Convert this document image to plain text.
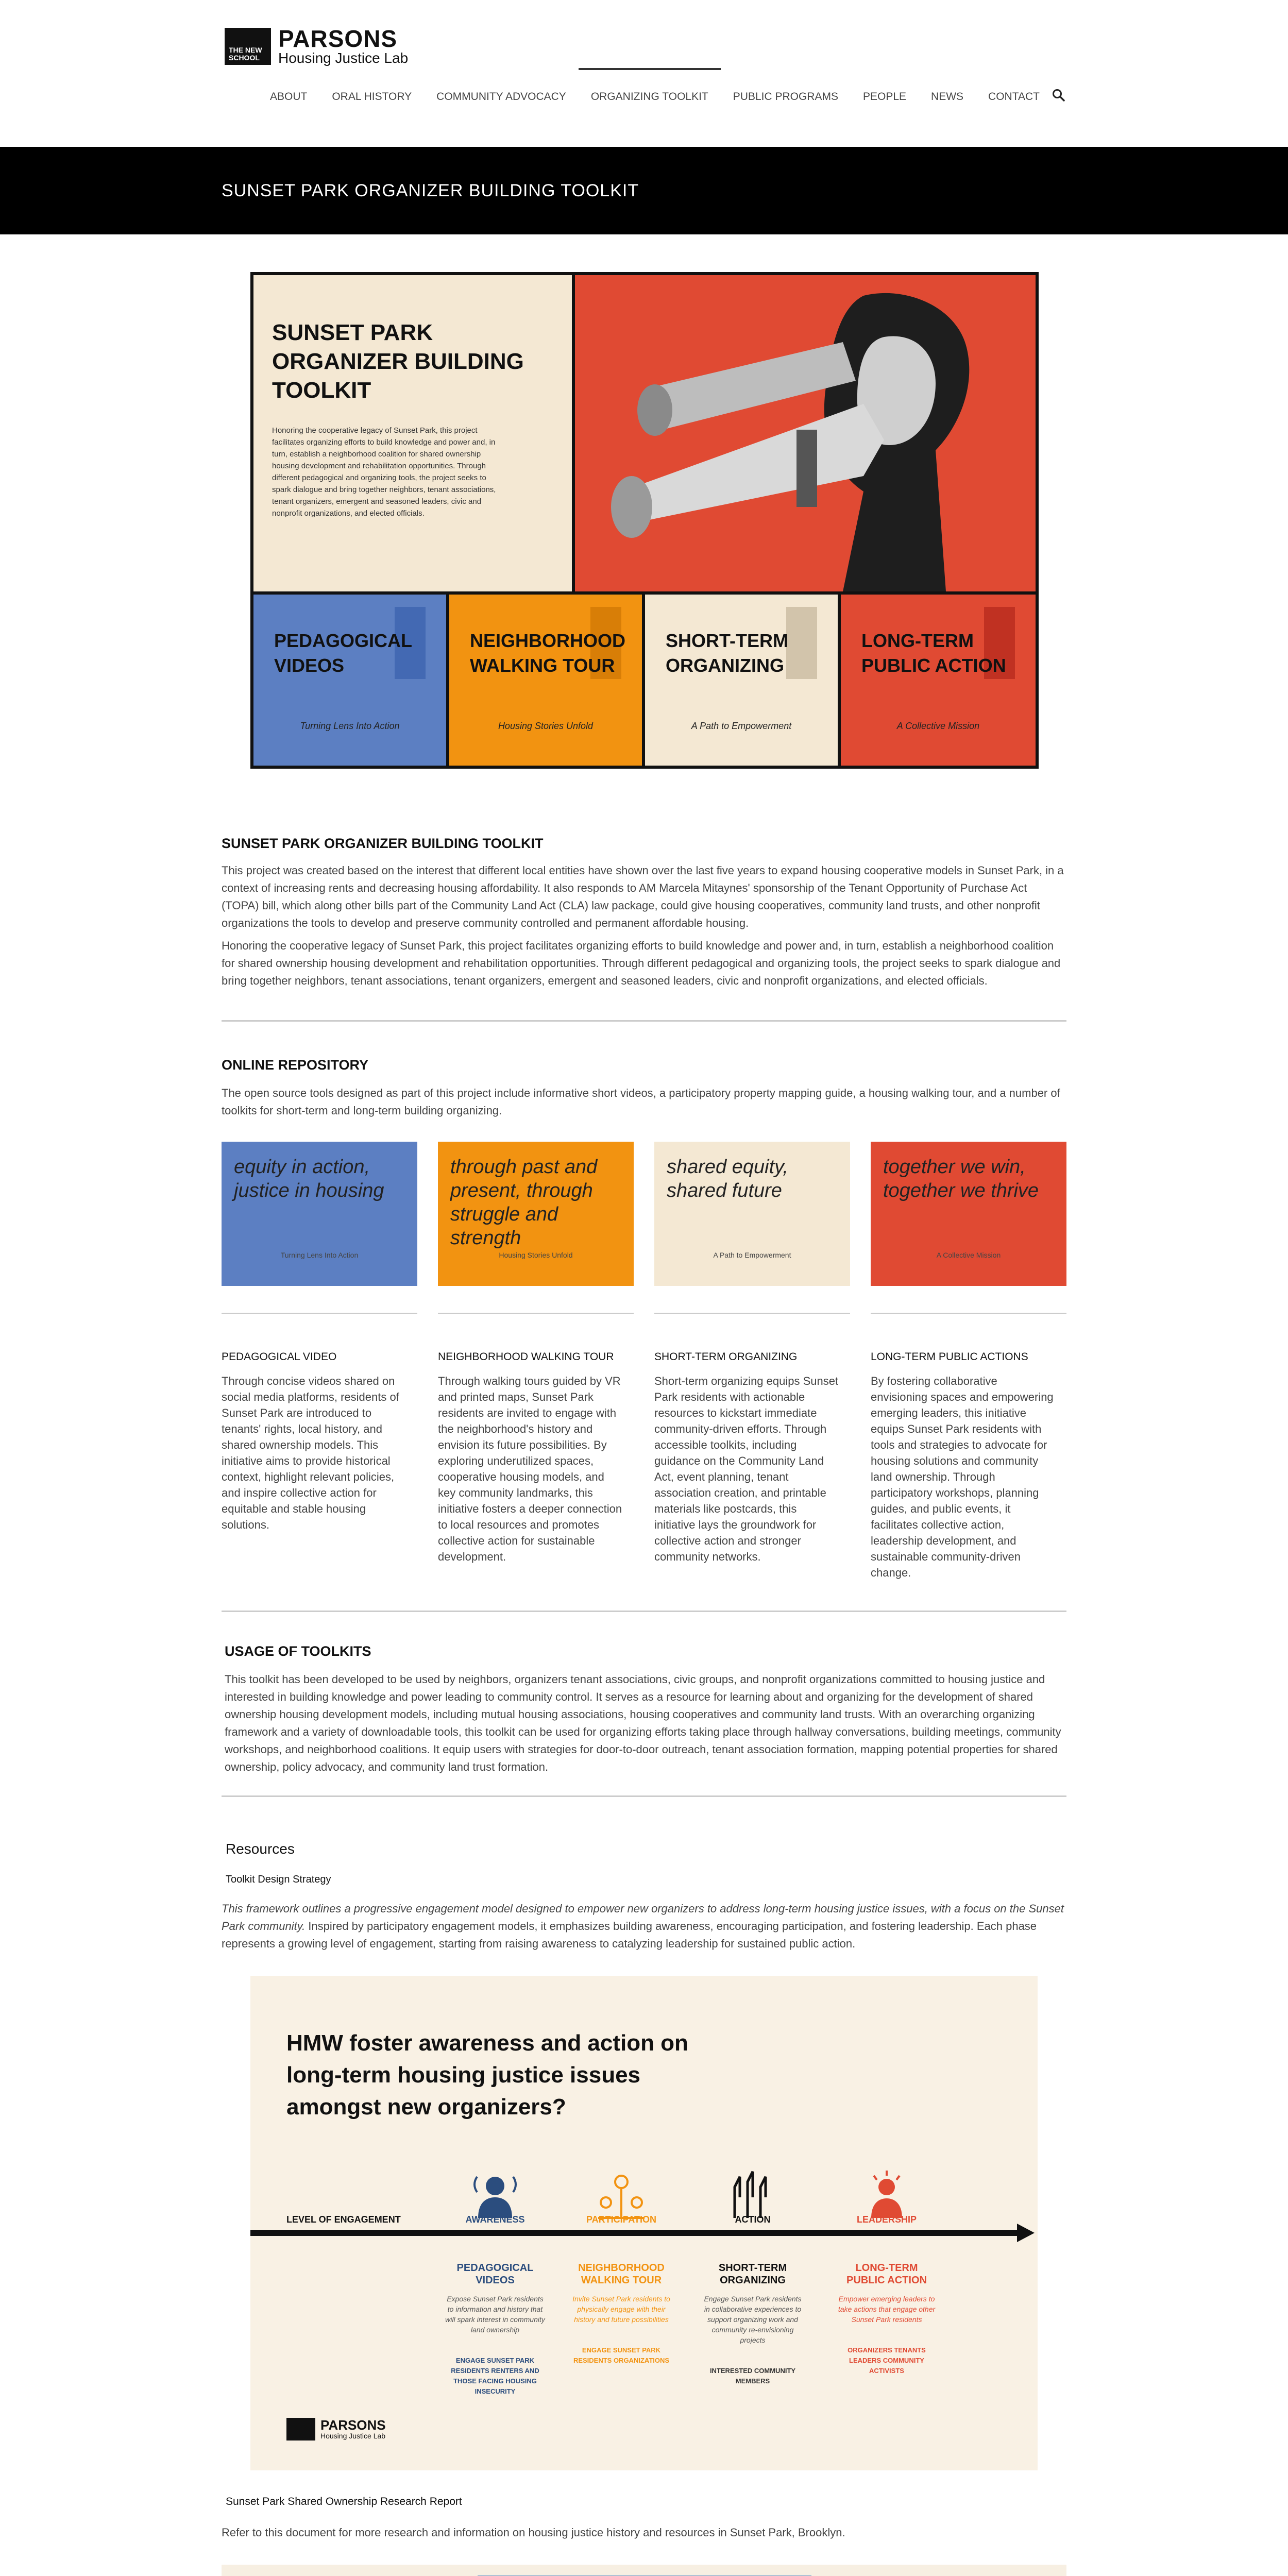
THE NEW SCHOOL
PARSONS
Housing Justice Lab
ABOUT	ORAL HISTORY	COMMUNITY ADVOCACY	ORGANIZING TOOLKIT	PUBLIC PROGRAMS	PEOPLE	NEWS	CONTACT
SUNSET PARK ORGANIZER BUILDING TOOLKIT
SUNSET PARK ORGANIZER BUILDING TOOLKIT

Honoring the cooperative legacy of Sunset Park, this project facilitates organizing efforts to build knowledge and power and, in turn, establish a neighborhood coalition for shared ownership housing development and rehabilitation opportunities. Through different pedagogical and organizing tools, the project seeks to spark dialogue and bring together neighbors, tenant associations, tenant organizers, emergent and seasoned leaders, civic and nonprofit organizations, and elected officials.

PEDAGOGICAL VIDEOS
Turning Lens Into Action
NEIGHBORHOOD WALKING TOUR
Housing Stories Unfold
SHORT-TERM ORGANIZING
A Path to Empowerment
LONG-TERM PUBLIC ACTION
A Collective Mission
SUNSET PARK ORGANIZER BUILDING TOOLKIT

This project was created based on the interest that different local entities have shown over the last five years to expand housing cooperative models in Sunset Park, in a context of increasing rents and decreasing housing affordability. It also responds to AM Marcela Mitaynes' sponsorship of the Tenant Opportunity of Purchase Act (TOPA) bill, which along other bills part of the Community Land Act (CLA) law package, could give housing cooperatives, community land trusts, and other nonprofit organizations the tools to develop and preserve community controlled and permanent affordable housing.

Honoring the cooperative legacy of Sunset Park, this project facilitates organizing efforts to build knowledge and power and, in turn, establish a neighborhood coalition for shared ownership housing development and rehabilitation opportunities. Through different pedagogical and organizing tools, the project seeks to spark dialogue and bring together neighbors, tenant associations, tenant organizers, emergent and seasoned leaders, civic and nonprofit organizations, and elected officials.

ONLINE REPOSITORY

The open source tools designed as part of this project include informative short videos, a participatory property mapping guide, a housing walking tour, and a number of toolkits for short-term and long-term building organizing.

equity in action, justice in housing
Turning Lens Into Action
through past and present, through struggle and strength
Housing Stories Unfold
shared equity, shared future
A Path to Empowerment
together we win, together we thrive
A Collective Mission
PEDAGOGICAL VIDEO
Through concise videos shared on social media platforms, residents of Sunset Park are introduced to tenants' rights, local history, and shared ownership models. This initiative aims to provide historical context, highlight relevant policies, and inspire collective action for equitable and stable housing solutions.
NEIGHBORHOOD WALKING TOUR
Through walking tours guided by VR and printed maps, Sunset Park residents are invited to engage with the neighborhood's history and envision its future possibilities. By exploring underutilized spaces, cooperative housing models, and key community landmarks, this initiative fosters a deeper connection to local resources and promotes collective action for sustainable development.
SHORT-TERM ORGANIZING
Short-term organizing equips Sunset Park residents with actionable resources to kickstart immediate community-driven efforts. Through accessible toolkits, including guidance on the Community Land Act, event planning, tenant association creation, and printable materials like postcards, this initiative lays the groundwork for collective action and stronger community networks.
LONG-TERM PUBLIC ACTIONS
By fostering collaborative envisioning spaces and empowering emerging leaders, this initiative equips Sunset Park residents with tools and strategies to advocate for housing solutions and community land ownership. Through participatory workshops, planning guides, and public events, it facilitates collective action, leadership development, and sustainable community-driven change.
USAGE OF TOOLKITS

This toolkit has been developed to be used by neighbors, organizers tenant associations, civic groups, and nonprofit organizations committed to housing justice and interested in building knowledge and power leading to community control. It serves as a resource for learning about and organizing for the development of shared ownership housing development models, including mutual housing associations, housing cooperatives and community land trusts. With an overarching organizing framework and a variety of downloadable tools, this toolkit can be used for organizing efforts taking place through hallway conversations, building meetings, community workshops, and neighborhood coalitions. It equip users with strategies for door-to-door outreach, tenant association formation, mapping potential properties for shared ownership, policy advocacy, and community land trust formation.

Resources
Toolkit Design Strategy
This framework outlines a progressive engagement model designed to empower new organizers to address long-term housing justice issues, with a focus on the Sunset Park community. Inspired by participatory engagement models, it emphasizes building awareness, encouraging participation, and fostering leadership. Each phase represents a growing level of engagement, starting from raising awareness to catalyzing leadership for sustained public action.
HMW foster awareness and action on long-term housing justice issues amongst new organizers?
LEVEL OF ENGAGEMENT	AWARENESS	PARTICIPATION	ACTION	LEADERSHIP
PEDAGOGICAL VIDEOS
Expose Sunset Park residents to information and history that will spark interest in community land ownership
ENGAGE SUNSET PARK RESIDENTS RENTERS AND THOSE FACING HOUSING INSECURITY
NEIGHBORHOOD WALKING TOUR
Invite Sunset Park residents to physically engage with their history and future possibilities
ENGAGE SUNSET PARK RESIDENTS ORGANIZATIONS
SHORT-TERM ORGANIZING
Engage Sunset Park residents in collaborative experiences to support organizing work and community re-envisioning projects
INTERESTED COMMUNITY MEMBERS
LONG-TERM PUBLIC ACTION
Empower emerging leaders to take actions that engage other Sunset Park residents
ORGANIZERS TENANTS LEADERS COMMUNITY ACTIVISTS
PARSONS
Housing Justice Lab
Sunset Park Shared Ownership Research Report
Refer to this document for more research and information on housing justice history and resources in Sunset Park, Brooklyn.
